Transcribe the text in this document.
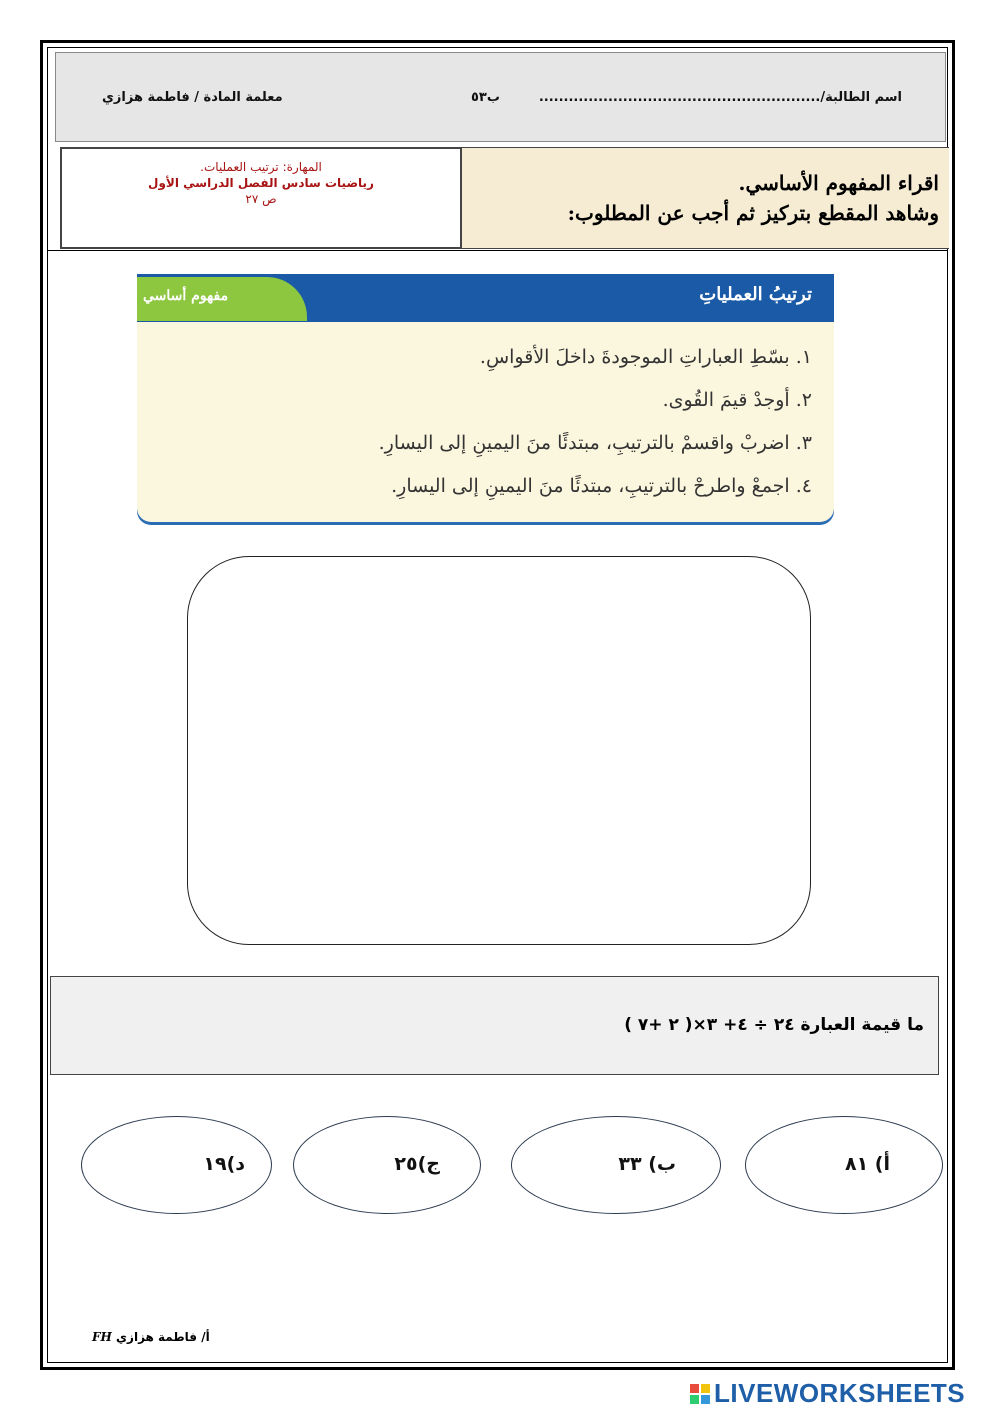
اسم الطالبة/.........................................................
ب٥٣
معلمة المادة / فاطمة هزازي
المهارة: ترتيب العمليات.
رياضيات سادس الفصل الدراسي الأول
ص ٢٧
اقراء المفهوم الأساسي.
وشاهد المقطع بتركيز ثم أجب عن المطلوب:
مفهوم أساسي	ترتيبُ العملياتِ
١. بسّطِ العباراتِ الموجودةَ داخلَ الأقواسِ.
٢. أوجدْ قيمَ القُوى.
٣. اضربْ واقسمْ بالترتيبِ، مبتدئًا منَ اليمينِ إلى اليسارِ.
٤. اجمعْ واطرحْ بالترتيبِ، مبتدئًا منَ اليمينِ إلى اليسارِ.
ما قيمة العبارة ٢٤ ÷ ٤+ ٣×( ٢ +٧ )
أ) ٨١
ب) ٣٣
ج)٢٥
د)١٩
أ/ فاطمة هزازي FH
LIVEWORKSHEETS
